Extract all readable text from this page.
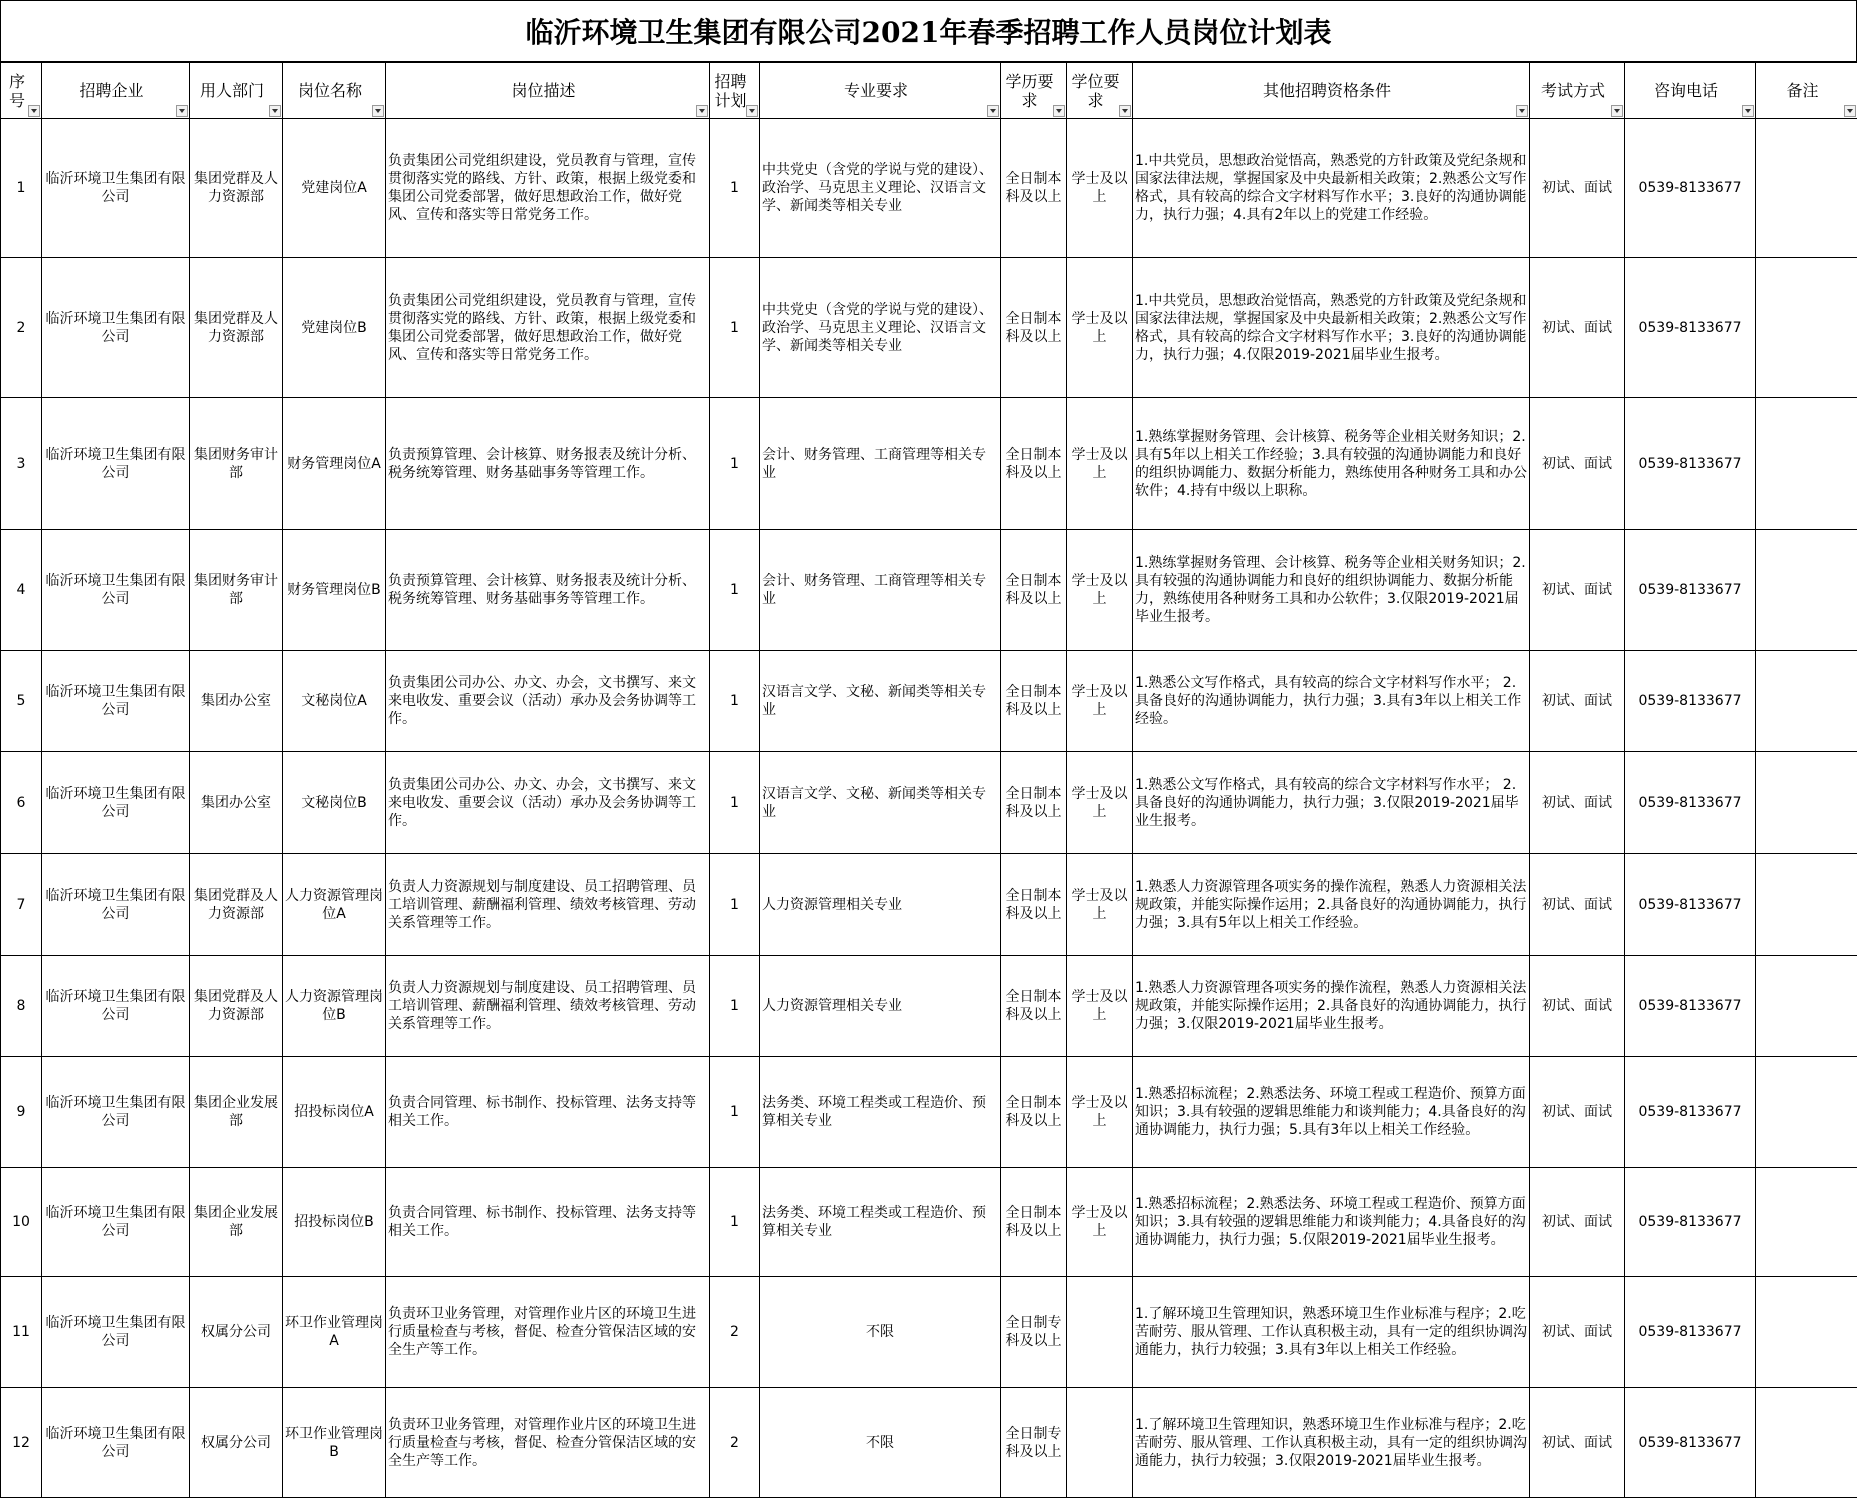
临沂环境卫生集团有限公司2021年春季招聘工作人员岗位计划表
序号	招聘企业	用人部门	岗位名称	岗位描述	招聘计划	专业要求	学历要求	学位要求	其他招聘资格条件	考试方式	咨询电话	备注

1	临沂环境卫生集团有限公司	集团党群及人力资源部	党建岗位A	负责集团公司党组织建设，党员教育与管理，宣传贯彻落实党的路线、方针、政策，根据上级党委和集团公司党委部署，做好思想政治工作，做好党风、宣传和落实等日常党务工作。	1	中共党史（含党的学说与党的建设）、政治学、马克思主义理论、汉语言文学、新闻类等相关专业	全日制本科及以上	学士及以上	1.中共党员，思想政治觉悟高，熟悉党的方针政策及党纪条规和国家法律法规，掌握国家及中央最新相关政策；2.熟悉公文写作格式，具有较高的综合文字材料写作水平；3.良好的沟通协调能力，执行力强；4.具有2年以上的党建工作经验。	初试、面试	0539-8133677	
2	临沂环境卫生集团有限公司	集团党群及人力资源部	党建岗位B	负责集团公司党组织建设，党员教育与管理，宣传贯彻落实党的路线、方针、政策，根据上级党委和集团公司党委部署，做好思想政治工作，做好党风、宣传和落实等日常党务工作。	1	中共党史（含党的学说与党的建设）、政治学、马克思主义理论、汉语言文学、新闻类等相关专业	全日制本科及以上	学士及以上	1.中共党员，思想政治觉悟高，熟悉党的方针政策及党纪条规和国家法律法规，掌握国家及中央最新相关政策；2.熟悉公文写作格式，具有较高的综合文字材料写作水平；3.良好的沟通协调能力，执行力强；4.仅限2019-2021届毕业生报考。	初试、面试	0539-8133677	
3	临沂环境卫生集团有限公司	集团财务审计部	财务管理岗位A	负责预算管理、会计核算、财务报表及统计分析、税务统筹管理、财务基础事务等管理工作。	1	会计、财务管理、工商管理等相关专业	全日制本科及以上	学士及以上	1.熟练掌握财务管理、会计核算、税务等企业相关财务知识；2.具有5年以上相关工作经验；3.具有较强的沟通协调能力和良好的组织协调能力、数据分析能力，熟练使用各种财务工具和办公软件；4.持有中级以上职称。	初试、面试	0539-8133677	
4	临沂环境卫生集团有限公司	集团财务审计部	财务管理岗位B	负责预算管理、会计核算、财务报表及统计分析、税务统筹管理、财务基础事务等管理工作。	1	会计、财务管理、工商管理等相关专业	全日制本科及以上	学士及以上	1.熟练掌握财务管理、会计核算、税务等企业相关财务知识；2.具有较强的沟通协调能力和良好的组织协调能力、数据分析能力，熟练使用各种财务工具和办公软件；3.仅限2019-2021届毕业生报考。	初试、面试	0539-8133677	
5	临沂环境卫生集团有限公司	集团办公室	文秘岗位A	负责集团公司办公、办文、办会，文书撰写、来文来电收发、重要会议（活动）承办及会务协调等工作。	1	汉语言文学、文秘、新闻类等相关专业	全日制本科及以上	学士及以上	1.熟悉公文写作格式，具有较高的综合文字材料写作水平； 2.具备良好的沟通协调能力，执行力强；3.具有3年以上相关工作经验。	初试、面试	0539-8133677	
6	临沂环境卫生集团有限公司	集团办公室	文秘岗位B	负责集团公司办公、办文、办会，文书撰写、来文来电收发、重要会议（活动）承办及会务协调等工作。	1	汉语言文学、文秘、新闻类等相关专业	全日制本科及以上	学士及以上	1.熟悉公文写作格式，具有较高的综合文字材料写作水平； 2.具备良好的沟通协调能力，执行力强；3.仅限2019-2021届毕业生报考。	初试、面试	0539-8133677	
7	临沂环境卫生集团有限公司	集团党群及人力资源部	人力资源管理岗位A	负责人力资源规划与制度建设、员工招聘管理、员工培训管理、薪酬福利管理、绩效考核管理、劳动关系管理等工作。	1	人力资源管理相关专业	全日制本科及以上	学士及以上	1.熟悉人力资源管理各项实务的操作流程，熟悉人力资源相关法规政策，并能实际操作运用；2.具备良好的沟通协调能力，执行力强；3.具有5年以上相关工作经验。	初试、面试	0539-8133677	
8	临沂环境卫生集团有限公司	集团党群及人力资源部	人力资源管理岗位B	负责人力资源规划与制度建设、员工招聘管理、员工培训管理、薪酬福利管理、绩效考核管理、劳动关系管理等工作。	1	人力资源管理相关专业	全日制本科及以上	学士及以上	1.熟悉人力资源管理各项实务的操作流程，熟悉人力资源相关法规政策，并能实际操作运用；2.具备良好的沟通协调能力，执行力强；3.仅限2019-2021届毕业生报考。	初试、面试	0539-8133677	
9	临沂环境卫生集团有限公司	集团企业发展部	招投标岗位A	负责合同管理、标书制作、投标管理、法务支持等相关工作。	1	法务类、环境工程类或工程造价、预算相关专业	全日制本科及以上	学士及以上	1.熟悉招标流程；2.熟悉法务、环境工程或工程造价、预算方面知识；3.具有较强的逻辑思维能力和谈判能力；4.具备良好的沟通协调能力，执行力强；5.具有3年以上相关工作经验。	初试、面试	0539-8133677	
10	临沂环境卫生集团有限公司	集团企业发展部	招投标岗位B	负责合同管理、标书制作、投标管理、法务支持等相关工作。	1	法务类、环境工程类或工程造价、预算相关专业	全日制本科及以上	学士及以上	1.熟悉招标流程；2.熟悉法务、环境工程或工程造价、预算方面知识；3.具有较强的逻辑思维能力和谈判能力；4.具备良好的沟通协调能力，执行力强；5.仅限2019-2021届毕业生报考。	初试、面试	0539-8133677	
11	临沂环境卫生集团有限公司	权属分公司	环卫作业管理岗A	负责环卫业务管理，对管理作业片区的环境卫生进行质量检查与考核，督促、检查分管保洁区域的安全生产等工作。	2	不限	全日制专科及以上		1.了解环境卫生管理知识，熟悉环境卫生作业标准与程序；2.吃苦耐劳、服从管理、工作认真积极主动，具有一定的组织协调沟通能力，执行力较强；3.具有3年以上相关工作经验。	初试、面试	0539-8133677	
12	临沂环境卫生集团有限公司	权属分公司	环卫作业管理岗B	负责环卫业务管理，对管理作业片区的环境卫生进行质量检查与考核，督促、检查分管保洁区域的安全生产等工作。	2	不限	全日制专科及以上		1.了解环境卫生管理知识，熟悉环境卫生作业标准与程序；2.吃苦耐劳、服从管理、工作认真积极主动，具有一定的组织协调沟通能力，执行力较强；3.仅限2019-2021届毕业生报考。	初试、面试	0539-8133677	
